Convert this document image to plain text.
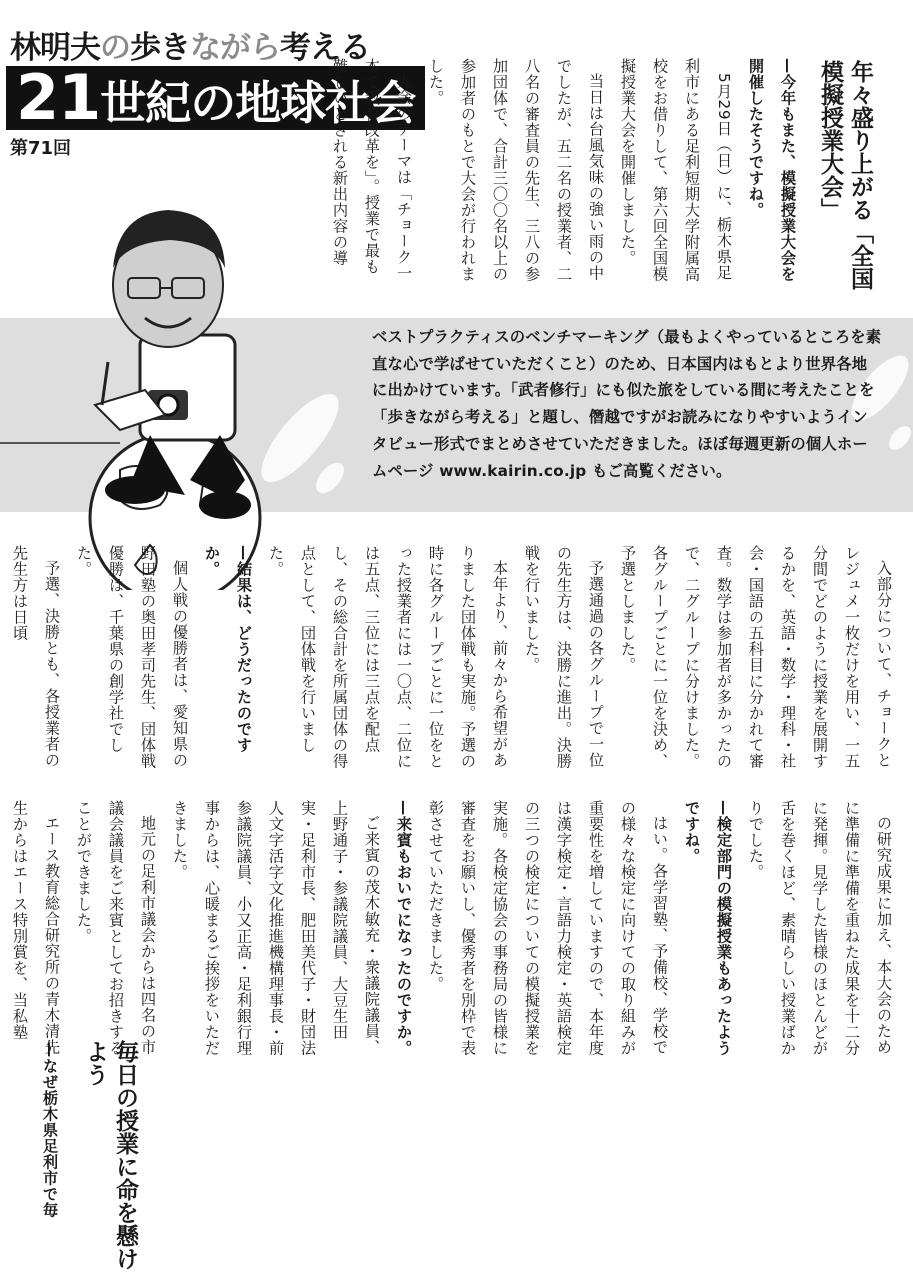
林明夫の歩きながら考える
21世紀の地球社会
第71回	年々盛り上がる「全国模擬授業大会」

— 今年もまた、模擬授業大会を開催したそうですね。

5月29日（日）に、栃木県足利市にある足利短期大学附属高校をお借りして、第六回全国模擬授業大会を開催しました。

当日は台風気味の強い雨の中でしたが、五二名の授業者、二八名の審査員の先生、三八の参加団体で、合計三〇〇名以上の参加者のもとで大会が行われました。

大会のテーマは「チョーク一本で教育改革を」。授業で最も難しいとされる新出内容の導

ベストプラクティスのベンチマーキング（最もよくやっているところを素直な心で学ばせていただくこと）のため、日本国内はもとより世界各地に出かけています。「武者修行」にも似た旅をしている間に考えたことを「歩きながら考える」と題し、僭越ですがお読みになりやすいようインタビュー形式でまとめさせていただきました。ほぼ毎週更新の個人ホームページ www.kairin.co.jp もご高覧ください。

入部分について、チョークとレジュメ一枚だけを用い、一五分間でどのように授業を展開するかを、英語・数学・理科・社会・国語の五科目に分かれて審査。数学は参加者が多かったので、二グループに分けました。各グループごとに一位を決め、予選としました。

予選通過の各グループで一位の先生方は、決勝に進出。決勝戦を行いました。

本年より、前々から希望がありました団体戦も実施。予選の時に各グループごとに一位をとった授業者には一〇点、二位には五点、三位には三点を配点し、その総合計を所属団体の得点として、団体戦を行いました。

— 結果は、どうだったのですか。

個人戦の優勝者は、愛知県の野田塾の奥田孝司先生、団体戦優勝は、千葉県の創学社でした。

予選、決勝とも、各授業者の先生方は日頃

の研究成果に加え、本大会のために準備に準備を重ねた成果を十二分に発揮。見学した皆様のほとんどが舌を巻くほど、素晴らしい授業ばかりでした。

— 検定部門の模擬授業もあったようですね。

はい。各学習塾、予備校、学校での様々な検定に向けての取り組みが重要性を増していますので、本年度は漢字検定・言語力検定・英語検定の三つの検定についての模擬授業を実施。各検定協会の事務局の皆様に審査をお願いし、優秀者を別枠で表彰させていただきました。

— 来賓もおいでになったのですか。

ご来賓の茂木敏充・衆議院議員、上野通子・参議院議員、大豆生田実・足利市長、肥田美代子・財団法人文字活字文化推進機構理事長・前参議院議員、小又正高・足利銀行理事からは、心暖まるご挨拶をいただきました。

地元の足利市議会からは四名の市議会議員をご来賓としてお招きすることができました。

エース教育総合研究所の青木清先生からはエース特別賞を、当私塾

毎日の授業に命を懸けよう

— なぜ栃木県足利市で毎
